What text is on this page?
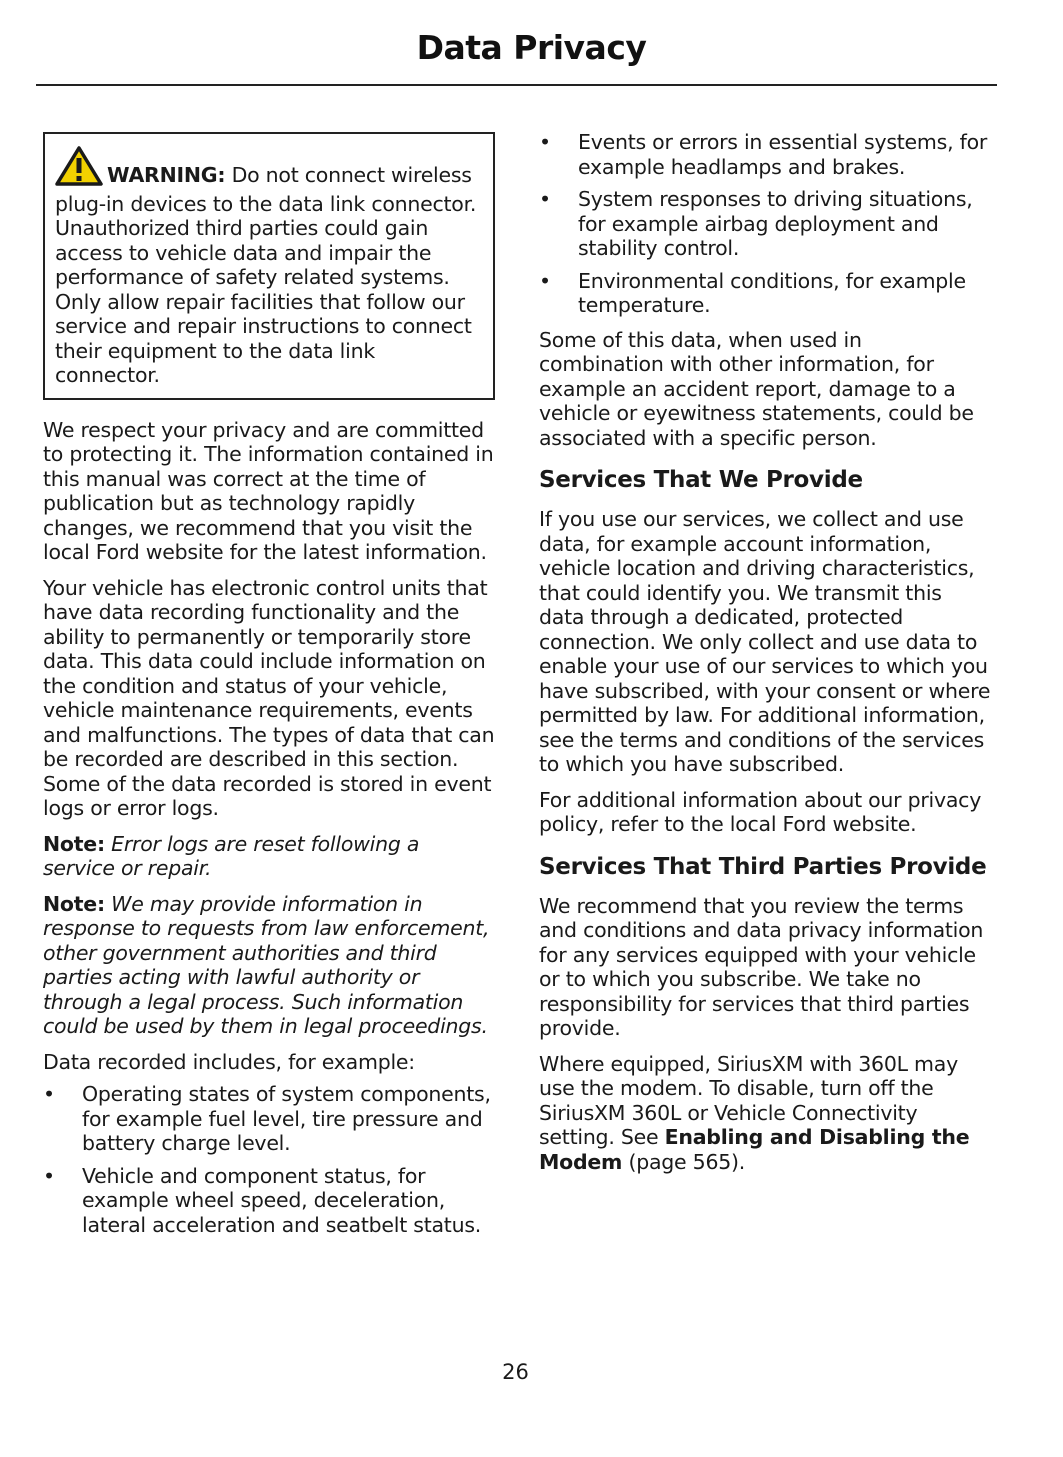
Data Privacy
WARNING: Do not connect wireless plug-in devices to the data link connector. Unauthorized third parties could gain access to vehicle data and impair the performance of safety related systems. Only allow repair facilities that follow our service and repair instructions to connect their equipment to the data link connector.

We respect your privacy and are committed to protecting it. The information contained in this manual was correct at the time of publication but as technology rapidly changes, we recommend that you visit the local Ford website for the latest information.

Your vehicle has electronic control units that have data recording functionality and the ability to permanently or temporarily store data. This data could include information on the condition and status of your vehicle, vehicle maintenance requirements, events and malfunctions. The types of data that can be recorded are described in this section. Some of the data recorded is stored in event logs or error logs.

Note: Error logs are reset following a service or repair.

Note: We may provide information in response to requests from law enforcement, other government authorities and third parties acting with lawful authority or through a legal process. Such information could be used by them in legal proceedings.

Data recorded includes, for example:

• Operating states of system components, for example fuel level, tire pressure and battery charge level.
• Vehicle and component status, for example wheel speed, deceleration, lateral acceleration and seatbelt status.
• Events or errors in essential systems, for example headlamps and brakes.
• System responses to driving situations, for example airbag deployment and stability control.
• Environmental conditions, for example temperature.

Some of this data, when used in combination with other information, for example an accident report, damage to a vehicle or eyewitness statements, could be associated with a specific person.

Services That We Provide

If you use our services, we collect and use data, for example account information, vehicle location and driving characteristics, that could identify you. We transmit this data through a dedicated, protected connection. We only collect and use data to enable your use of our services to which you have subscribed, with your consent or where permitted by law. For additional information, see the terms and conditions of the services to which you have subscribed.

For additional information about our privacy policy, refer to the local Ford website.

Services That Third Parties Provide

We recommend that you review the terms and conditions and data privacy information for any services equipped with your vehicle or to which you subscribe. We take no responsibility for services that third parties provide.

Where equipped, SiriusXM with 360L may use the modem. To disable, turn off the SiriusXM 360L or Vehicle Connectivity setting. See Enabling and Disabling the Modem (page 565).

26
